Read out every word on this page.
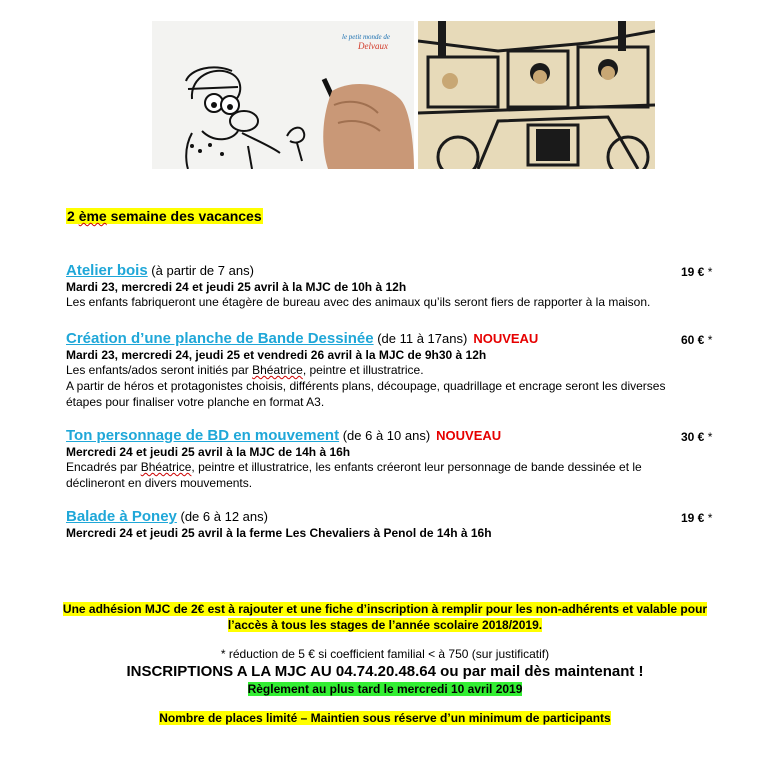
le petit monde de
Delvaux
2 ème semaine des vacances
Atelier bois (à partir de 7 ans)
Mardi 23, mercredi 24 et jeudi 25 avril à la MJC de 10h à 12h
Les enfants fabriqueront une étagère de bureau avec des animaux qu’ils seront fiers de rapporter à la maison.
19 € *
Création d’une planche de Bande Dessinée (de 11 à 17ans) NOUVEAU
Mardi 23, mercredi 24, jeudi 25 et vendredi 26 avril à la MJC de 9h30 à 12h
Les enfants/ados seront initiés par Bhéatrice, peintre et illustratrice.
A partir de héros et protagonistes choisis, différents plans, découpage, quadrillage et encrage seront les diverses
étapes pour finaliser votre planche en format A3.
60 € *
Ton personnage de BD en mouvement (de 6 à 10 ans) NOUVEAU
Mercredi 24 et jeudi 25 avril à la MJC de 14h à 16h
Encadrés par Bhéatrice, peintre et illustratrice, les enfants créeront leur personnage de bande dessinée et le
déclineront en divers mouvements.
30 € *
Balade à Poney (de 6 à 12 ans)
Mercredi 24 et jeudi 25 avril à la ferme Les Chevaliers à Penol de 14h à 16h
19 € *
Une adhésion MJC de 2€ est à rajouter et une fiche d’inscription à remplir pour les non-adhérents et valable pour
l’accès à tous les stages de l’année scolaire 2018/2019.
* réduction de 5 € si coefficient familial < à 750 (sur justificatif)
INSCRIPTIONS A LA MJC AU 04.74.20.48.64 ou par mail dès maintenant !
Règlement au plus tard le mercredi 10 avril 2019
Nombre de places limité – Maintien sous réserve d’un minimum de participants
